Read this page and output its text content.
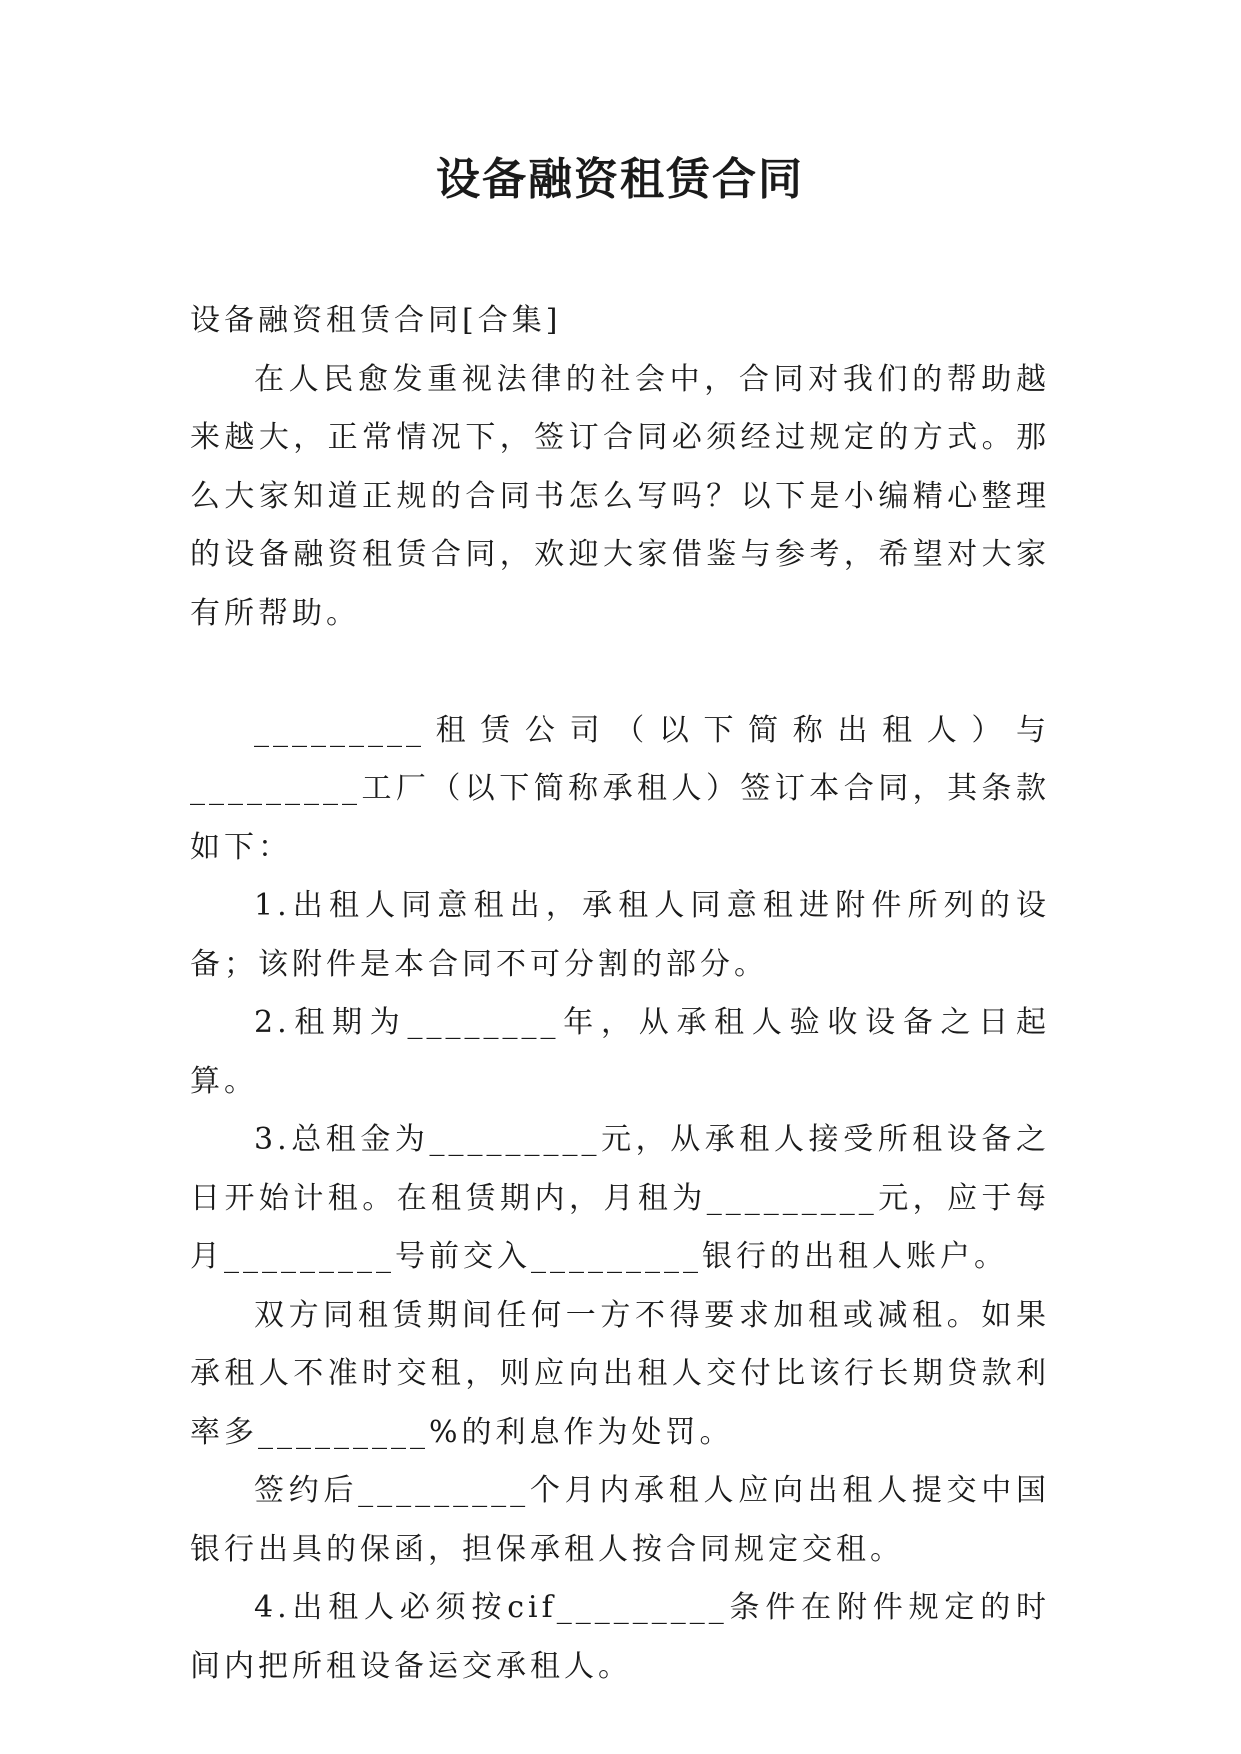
设备融资租赁合同

设备融资租赁合同[合集]

在人民愈发重视法律的社会中，合同对我们的帮助越来越大，正常情况下，签订合同必须经过规定的方式。那么大家知道正规的合同书怎么写吗？以下是小编精心整理的设备融资租赁合同，欢迎大家借鉴与参考，希望对大家有所帮助。

_________租赁公司（以下简称出租人）与_________工厂（以下简称承租人）签订本合同，其条款如下：

1.出租人同意租出，承租人同意租进附件所列的设备；该附件是本合同不可分割的部分。

2.租期为________年，从承租人验收设备之日起算。

3.总租金为_________元，从承租人接受所租设备之日开始计租。在租赁期内，月租为_________元，应于每月_________号前交入_________银行的出租人账户。

双方同租赁期间任何一方不得要求加租或减租。如果承租人不准时交租，则应向出租人交付比该行长期贷款利率多_________%的利息作为处罚。

签约后_________个月内承租人应向出租人提交中国银行出具的保函，担保承租人按合同规定交租。

4.出租人必须按cif_________条件在附件规定的时间内把所租设备运交承租人。
